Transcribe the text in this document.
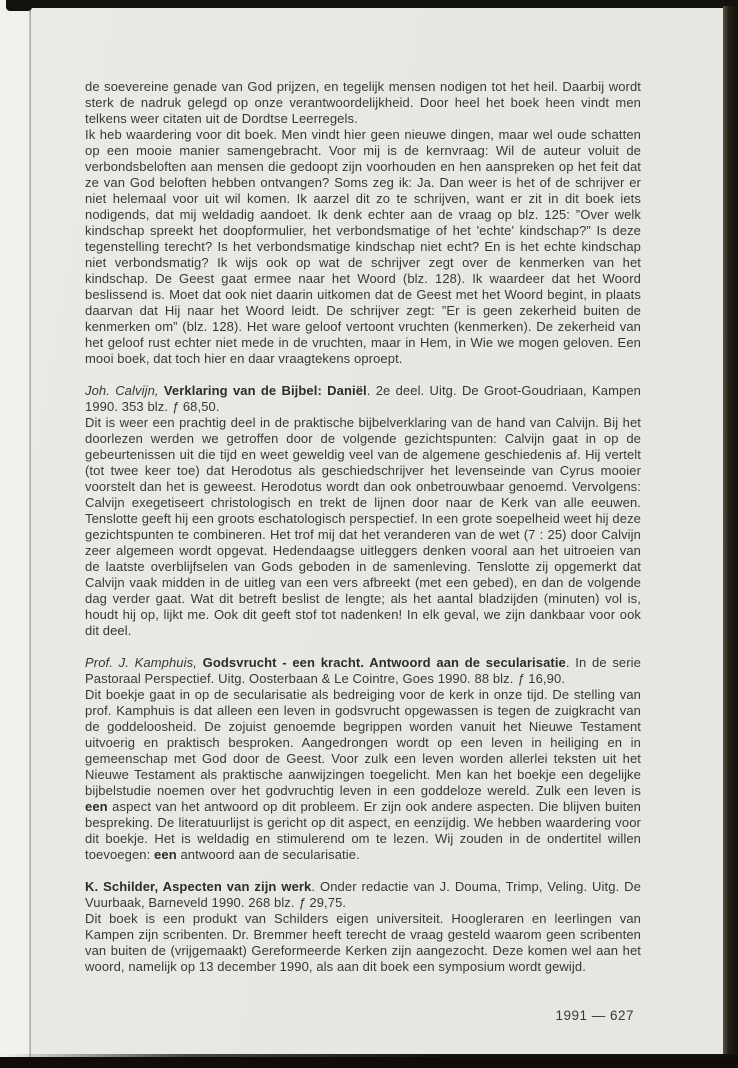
de soevereine genade van God prijzen, en tegelijk mensen nodigen tot het heil. Daarbij wordt sterk de nadruk gelegd op onze verantwoordelijkheid. Door heel het boek heen vindt men telkens weer citaten uit de Dordtse Leerregels.

Ik heb waardering voor dit boek. Men vindt hier geen nieuwe dingen, maar wel oude schatten op een mooie manier samengebracht. Voor mij is de kernvraag: Wil de auteur voluit de verbondsbeloften aan mensen die gedoopt zijn voorhouden en hen aanspreken op het feit dat ze van God beloften hebben ontvangen? Soms zeg ik: Ja. Dan weer is het of de schrijver er niet helemaal voor uit wil komen. Ik aarzel dit zo te schrijven, want er zit in dit boek iets nodigends, dat mij weldadig aandoet. Ik denk echter aan de vraag op blz. 125: ”Over welk kindschap spreekt het doopformulier, het verbondsmatige of het 'echte' kindschap?” Is deze tegenstelling terecht? Is het verbondsmatige kindschap niet echt? En is het echte kindschap niet verbondsmatig? Ik wijs ook op wat de schrijver zegt over de kenmerken van het kindschap. De Geest gaat ermee naar het Woord (blz. 128). Ik waardeer dat het Woord beslissend is. Moet dat ook niet daarin uitkomen dat de Geest met het Woord begint, in plaats daarvan dat Hij naar het Woord leidt. De schrijver zegt: ”Er is geen zekerheid buiten de kenmerken om” (blz. 128). Het ware geloof vertoont vruchten (kenmerken). De zekerheid van het geloof rust echter niet mede in de vruchten, maar in Hem, in Wie we mogen geloven. Een mooi boek, dat toch hier en daar vraagtekens oproept.

Joh. Calvijn, Verklaring van de Bijbel: Daniël. 2e deel. Uitg. De Groot-Goudriaan, Kampen 1990. 353 blz. ƒ 68,50.

Dit is weer een prachtig deel in de praktische bijbelverklaring van de hand van Calvijn. Bij het doorlezen werden we getroffen door de volgende gezichtspunten: Calvijn gaat in op de gebeurtenissen uit die tijd en weet geweldig veel van de algemene geschiedenis af. Hij vertelt (tot twee keer toe) dat Herodotus als geschiedschrijver het levenseinde van Cyrus mooier voorstelt dan het is geweest. Herodotus wordt dan ook onbetrouwbaar genoemd. Vervolgens: Calvijn exegetiseert christologisch en trekt de lijnen door naar de Kerk van alle eeuwen. Tenslotte geeft hij een groots eschatologisch perspectief. In een grote soepelheid weet hij deze gezichtspunten te combineren. Het trof mij dat het veranderen van de wet (7 : 25) door Calvijn zeer algemeen wordt opgevat. Hedendaagse uitleggers denken vooral aan het uitroeien van de laatste overblijfselen van Gods geboden in de samenleving. Tenslotte zij opgemerkt dat Calvijn vaak midden in de uitleg van een vers afbreekt (met een gebed), en dan de volgende dag verder gaat. Wat dit betreft beslist de lengte; als het aantal bladzijden (minuten) vol is, houdt hij op, lijkt me. Ook dit geeft stof tot nadenken! In elk geval, we zijn dankbaar voor ook dit deel.

Prof. J. Kamphuis, Godsvrucht - een kracht. Antwoord aan de secularisatie. In de serie Pastoraal Perspectief. Uitg. Oosterbaan & Le Cointre, Goes 1990. 88 blz. ƒ 16,90.

Dit boekje gaat in op de secularisatie als bedreiging voor de kerk in onze tijd. De stelling van prof. Kamphuis is dat alleen een leven in godsvrucht opgewassen is tegen de zuigkracht van de goddeloosheid. De zojuist genoemde begrippen worden vanuit het Nieuwe Testament uitvoerig en praktisch besproken. Aangedrongen wordt op een leven in heiliging en in gemeenschap met God door de Geest. Voor zulk een leven worden allerlei teksten uit het Nieuwe Testament als praktische aanwijzingen toegelicht. Men kan het boekje een degelijke bijbelstudie noemen over het godvruchtig leven in een goddeloze wereld. Zulk een leven is een aspect van het antwoord op dit probleem. Er zijn ook andere aspecten. Die blijven buiten bespreking. De literatuurlijst is gericht op dit aspect, en eenzijdig. We hebben waardering voor dit boekje. Het is weldadig en stimulerend om te lezen. Wij zouden in de ondertitel willen toevoegen: een antwoord aan de secularisatie.

K. Schilder, Aspecten van zijn werk. Onder redactie van J. Douma, Trimp, Veling. Uitg. De Vuurbaak, Barneveld 1990. 268 blz. ƒ 29,75.

Dit boek is een produkt van Schilders eigen universiteit. Hoogleraren en leerlingen van Kampen zijn scribenten. Dr. Bremmer heeft terecht de vraag gesteld waarom geen scribenten van buiten de (vrijgemaakt) Gereformeerde Kerken zijn aangezocht. Deze komen wel aan het woord, namelijk op 13 december 1990, als aan dit boek een symposium wordt gewijd.

1991 — 627
